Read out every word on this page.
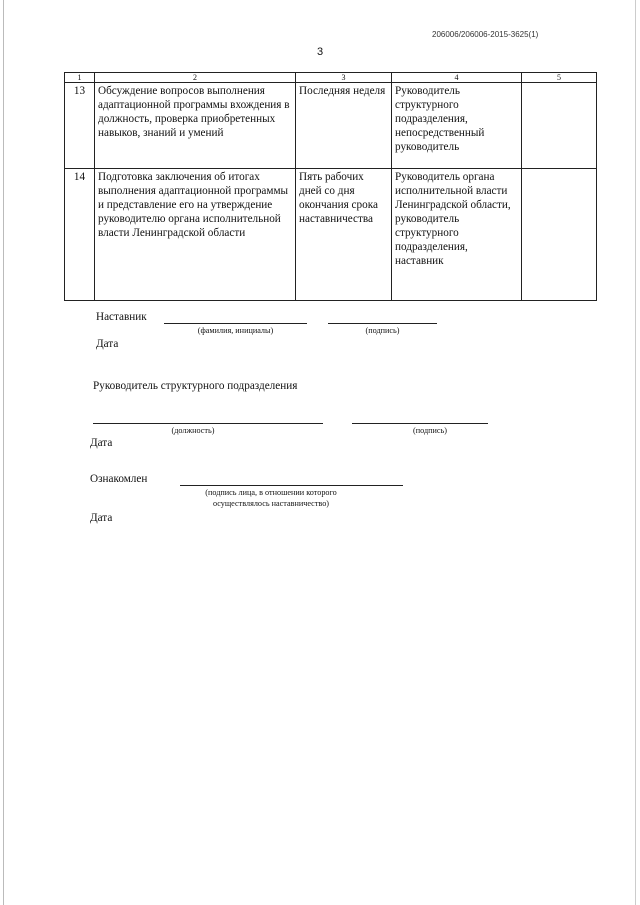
206006/206006-2015-3625(1)
3
1	2	3	4	5
13	Обсуждение вопросов выполнения адаптационной программы вхождения в должность, проверка приобретенных навыков, знаний и умений	Последняя неделя	Руководитель структурного подразделения, непосредственный руководитель	
14	Подготовка заключения об итогах выполнения адаптационной программы и представление его на утверждение руководителю органа исполнительной власти Ленинградской области	Пять рабочих дней со дня окончания срока наставничества	Руководитель органа исполнительной власти Ленинградской области, руководитель структурного подразделения, наставник	
Наставник
(фамилия, инициалы)	(подпись)
Дата
Руководитель структурного подразделения
(должность)	(подпись)
Дата
Ознакомлен
(подпись лица, в отношении которого
осуществлялось наставничество)
Дата
